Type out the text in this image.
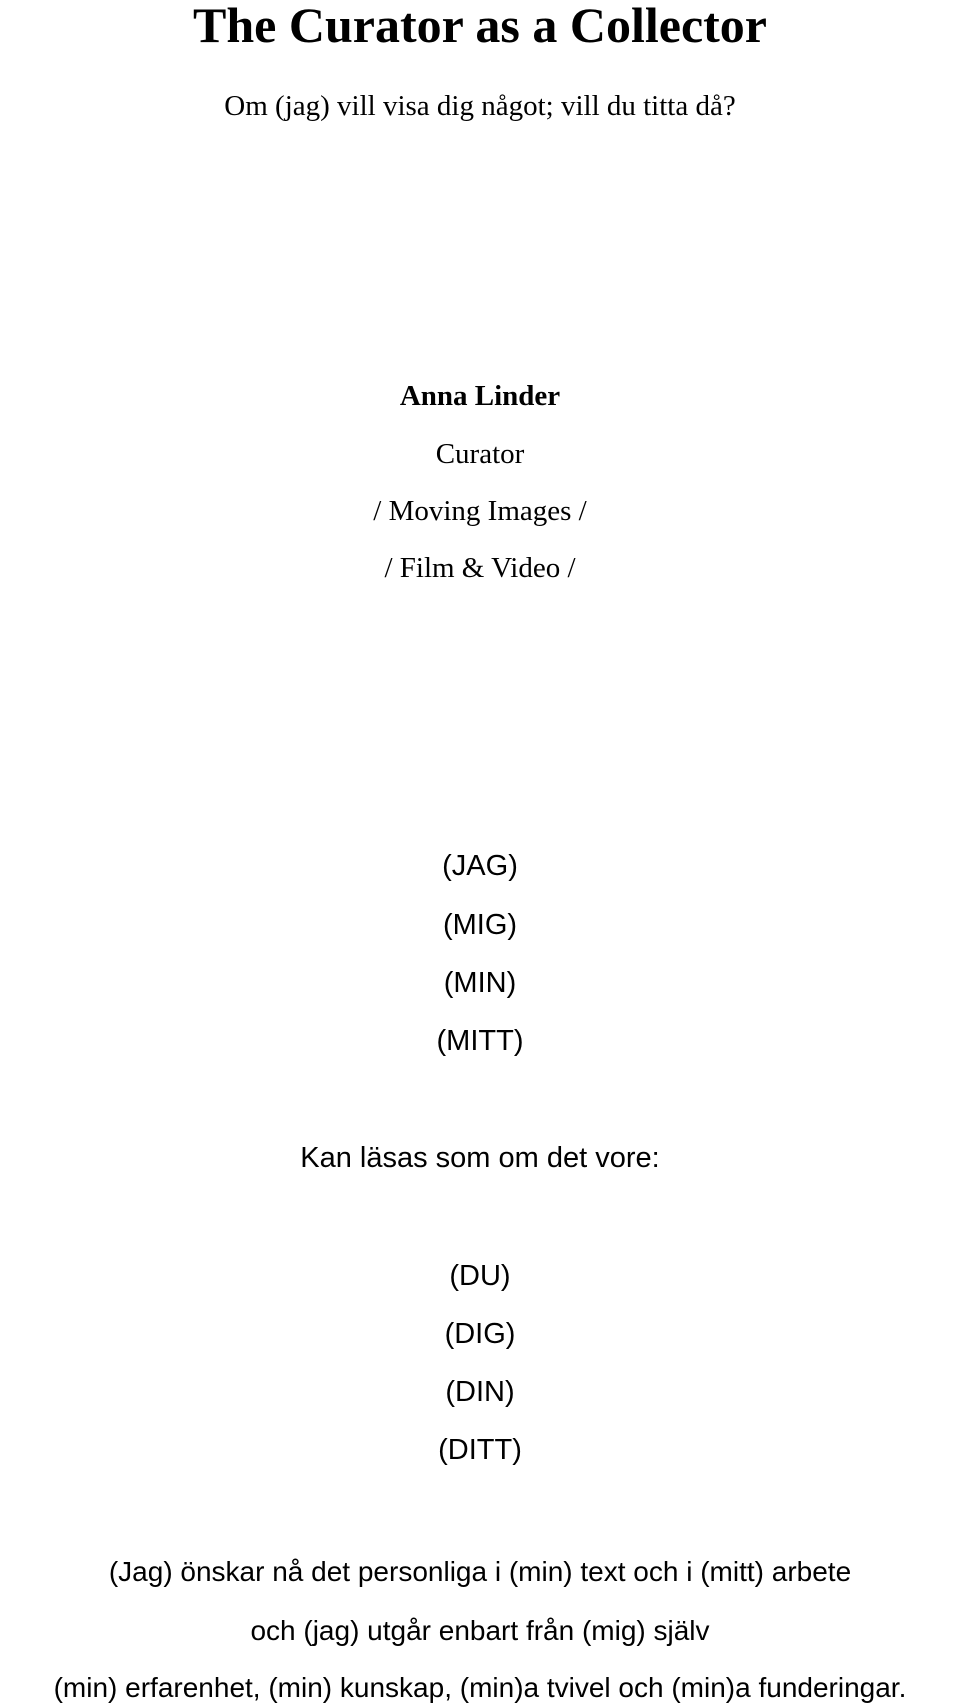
The Curator as a Collector
Om (jag) vill visa dig något; vill du titta då?
Anna Linder
Curator
/ Moving Images /
/ Film & Video /
(JAG)
(MIG)
(MIN)
(MITT)
Kan läsas som om det vore:
(DU)
(DIG)
(DIN)
(DITT)
(Jag) önskar nå det personliga i (min) text och i (mitt) arbete
och (jag) utgår enbart från (mig) själv
(min) erfarenhet, (min) kunskap, (min)a tvivel och (min)a funderingar.
